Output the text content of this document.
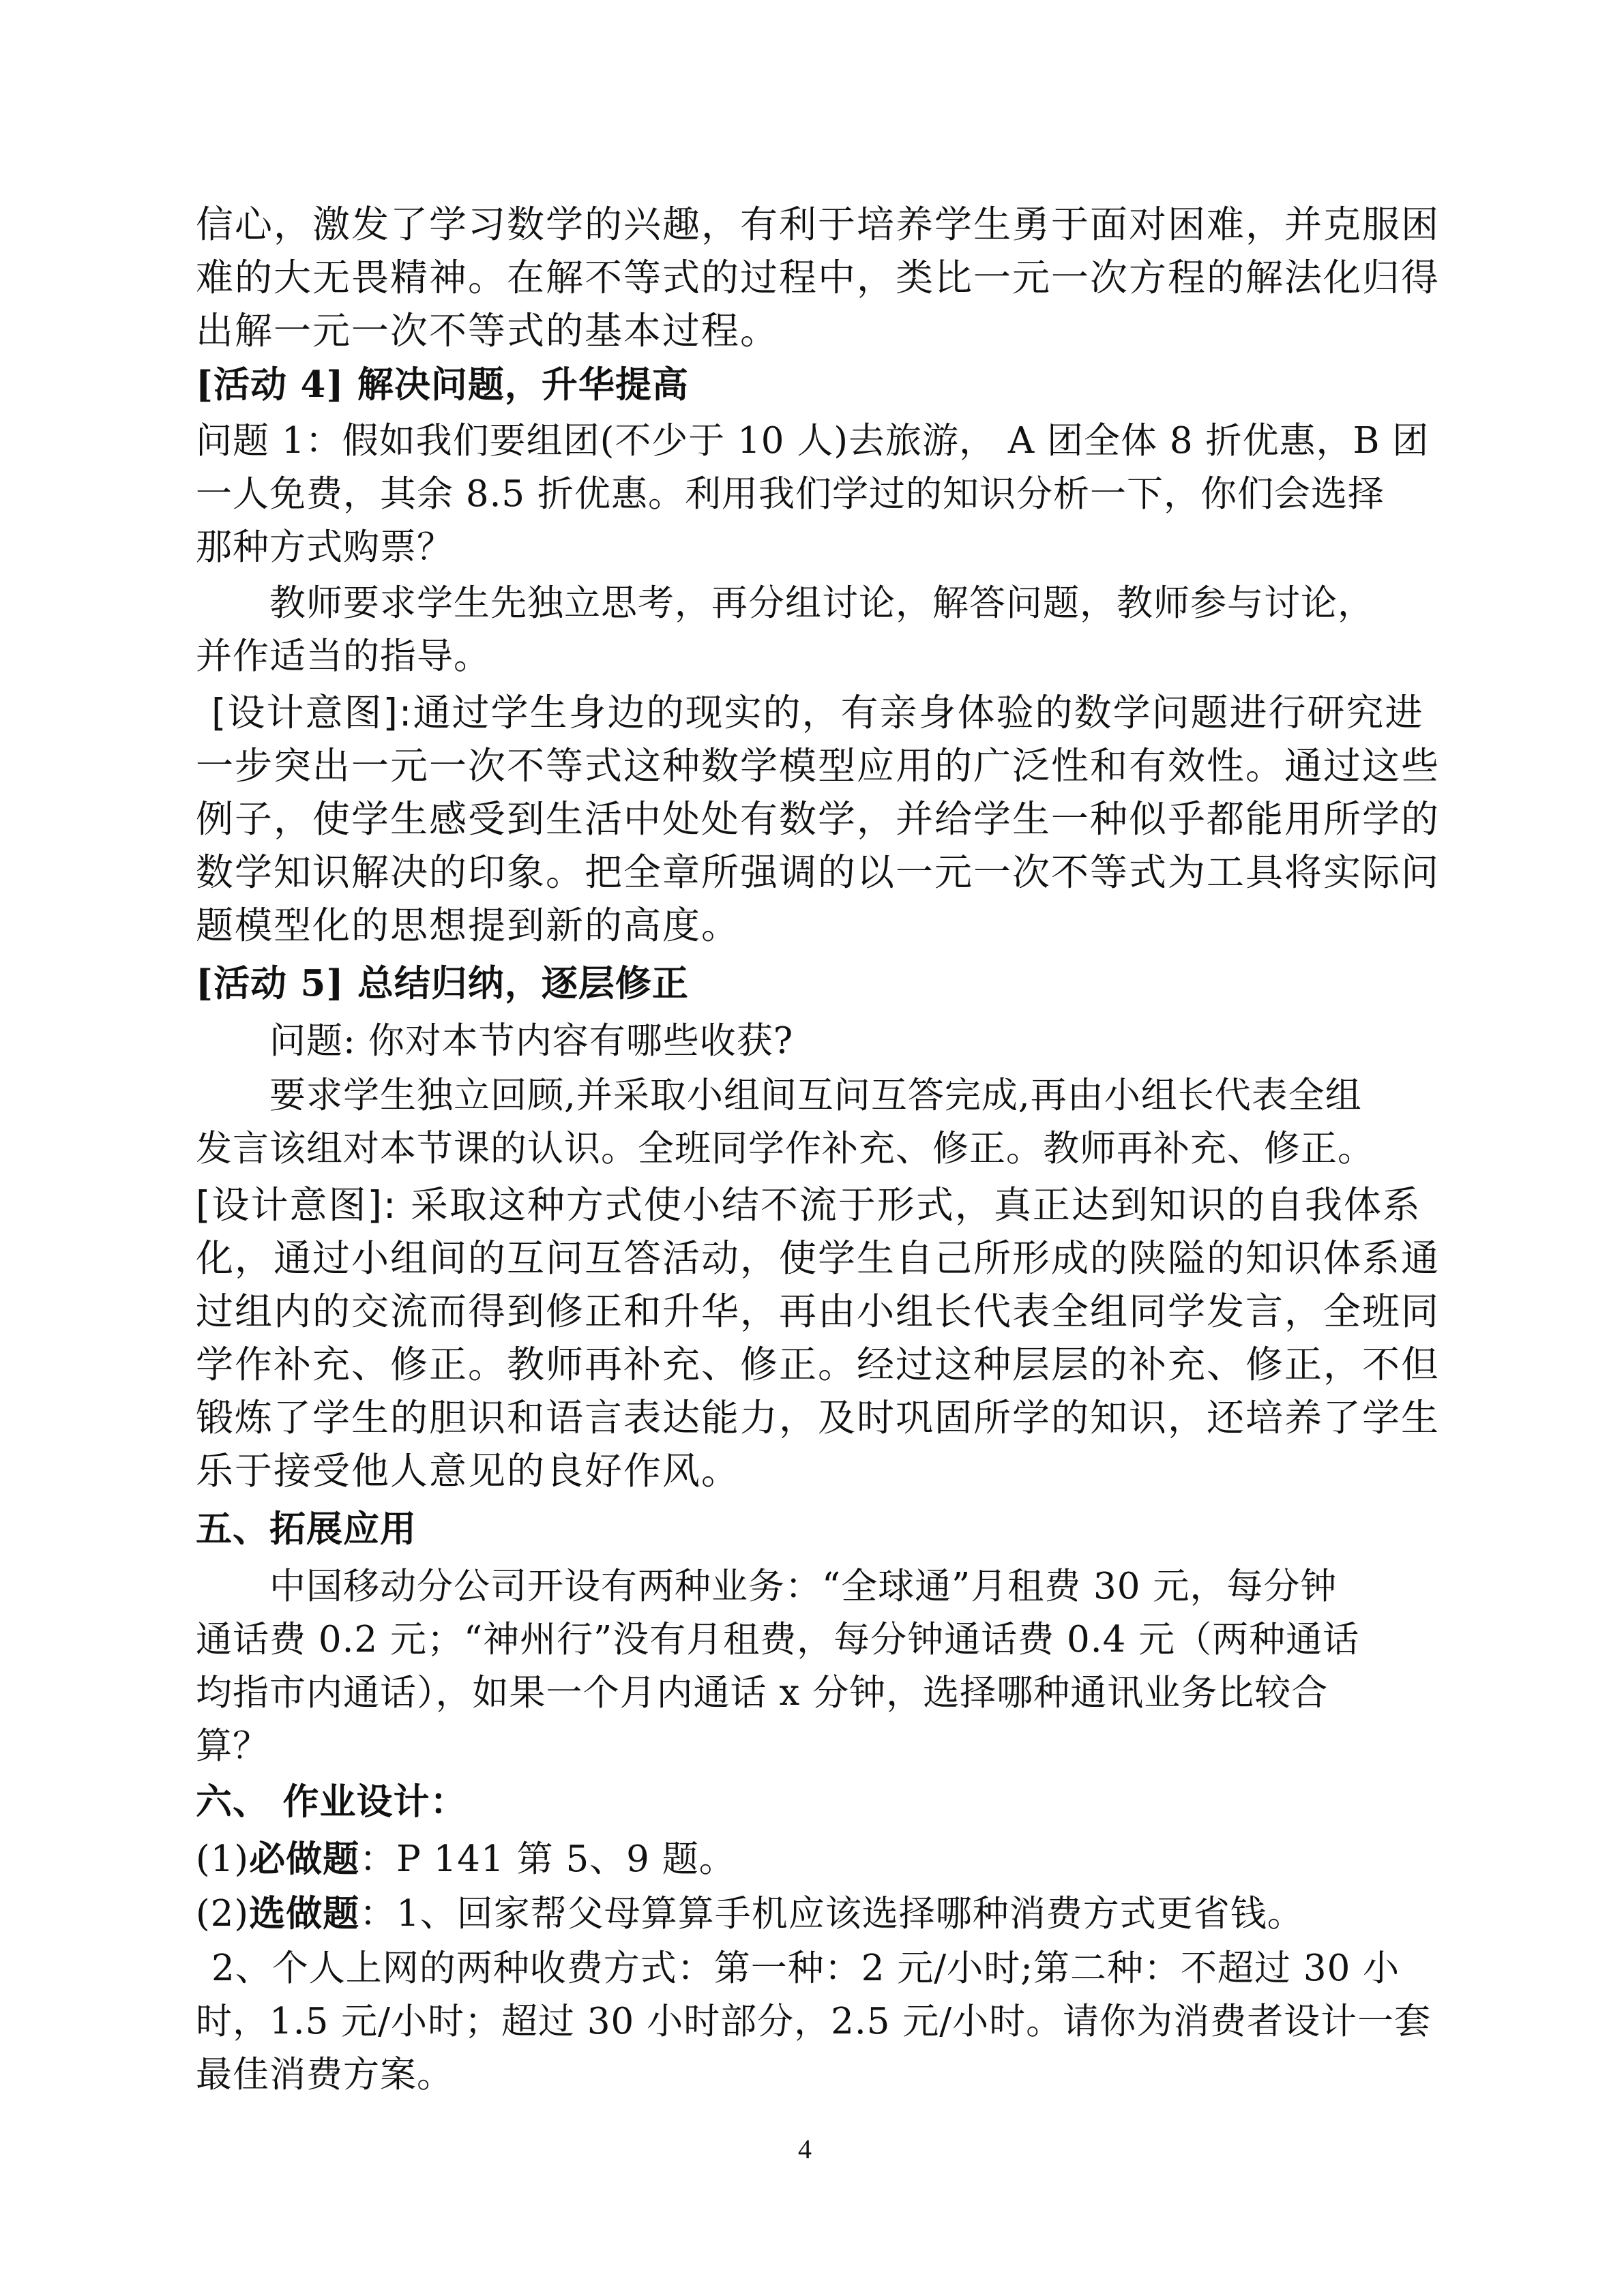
信心，激发了学习数学的兴趣，有利于培养学生勇于面对困难，并克服困
难的大无畏精神。在解不等式的过程中，类比一元一次方程的解法化归得
出解一元一次不等式的基本过程。
[活动 4] 解决问题，升华提高
问题 1：假如我们要组团(不少于 10 人)去旅游， A 团全体 8 折优惠，B 团
一人免费，其余 8.5 折优惠。利用我们学过的知识分析一下，你们会选择
那种方式购票？
教师要求学生先独立思考，再分组讨论，解答问题，教师参与讨论，
并作适当的指导。
[设计意图]:通过学生身边的现实的，有亲身体验的数学问题进行研究进
一步突出一元一次不等式这种数学模型应用的广泛性和有效性。通过这些
例子，使学生感受到生活中处处有数学，并给学生一种似乎都能用所学的
数学知识解决的印象。把全章所强调的以一元一次不等式为工具将实际问
题模型化的思想提到新的高度。
[活动 5] 总结归纳，逐层修正
问题: 你对本节内容有哪些收获?
要求学生独立回顾,并采取小组间互问互答完成,再由小组长代表全组
发言该组对本节课的认识。全班同学作补充、修正。教师再补充、修正。
[设计意图]: 采取这种方式使小结不流于形式，真正达到知识的自我体系
化，通过小组间的互问互答活动，使学生自己所形成的陕隘的知识体系通
过组内的交流而得到修正和升华，再由小组长代表全组同学发言，全班同
学作补充、修正。教师再补充、修正。经过这种层层的补充、修正，不但
锻炼了学生的胆识和语言表达能力，及时巩固所学的知识，还培养了学生
乐于接受他人意见的良好作风。
五、拓展应用
中国移动分公司开设有两种业务：“全球通”月租费 30 元，每分钟
通话费 0.2 元；“神州行”没有月租费，每分钟通话费 0.4 元（两种通话
均指市内通话），如果一个月内通话 x 分钟，选择哪种通讯业务比较合
算？
六、 作业设计：
(1)必做题：P 141 第 5、9 题。
(2)选做题：1、回家帮父母算算手机应该选择哪种消费方式更省钱。
2、个人上网的两种收费方式：第一种：2 元/小时;第二种：不超过 30 小
时，1.5 元/小时；超过 30 小时部分，2.5 元/小时。请你为消费者设计一套
最佳消费方案。
4
